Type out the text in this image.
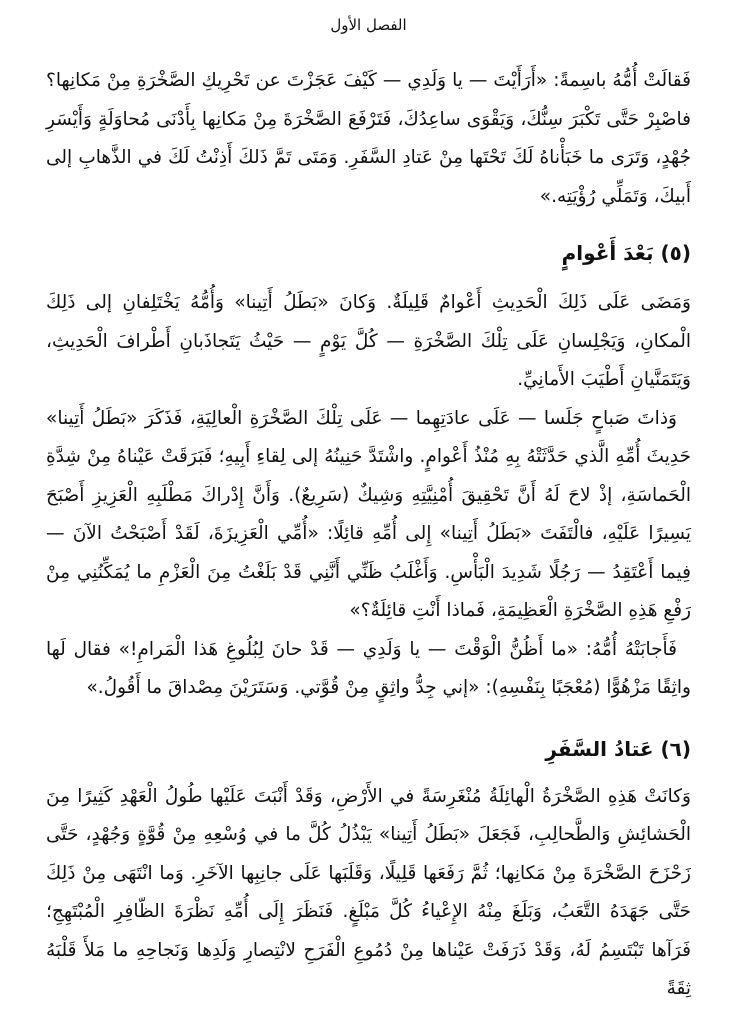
الفصل الأول

فَقالَتْ أُمُّهُ باسِمةً: «أَرَأَيْتَ — يا وَلَدِي — كَيْفَ عَجَزْتَ عن تَحْرِيكِ الصَّخْرَةِ مِنْ مَكانِها؟ فاصْبِرْ حَتَّى تَكْبَرَ سِنُّكَ، وَيَقْوَى ساعِدُكَ، فَتَرْفَعَ الصَّخْرَةَ مِنْ مَكانِها بِأَدْنَى مُحاوَلَةٍ وَأَيْسَرِ جُهْدٍ، وَتَرَى ما خَبَأْناهُ لَكَ تَحْتَها مِنْ عَتادِ السَّفَرِ. وَمَتَى تَمَّ ذَلكَ أَذِنْتُ لَكَ في الذَّهابِ إلى أَبيكَ، وَتَمَلِّي رُؤْيَتِه.»

(٥) بَعْدَ أَعْوامٍ

وَمَضَى عَلَى ذَلِكَ الْحَدِيثِ أَعْوامٌ قَلِيلَةٌ. وَكانَ «بَطَلُ أَتِينا» وَأُمُّهُ يَخْتَلِفانِ إلى ذَلِكَ الْمكانِ، وَيَجْلِسانِ عَلَى تِلْكَ الصَّخْرَةِ — كُلَّ يَوْمٍ — حَيْثُ يَتَجاذَبانِ أَطْرافَ الْحَدِيثِ، وَيَتَمَنَّيانِ أَطْيَبَ الأَمانِيِّ.

وَذاتَ صَباحٍ جَلَسا — عَلَى عادَتِهِما — عَلَى تِلْكَ الصَّخْرَةِ الْعالِيَةِ، فَذَكَرَ «بَطَلُ أَتِينا» حَدِيثَ أُمِّهِ الَّذي حَدَّثَتْهُ بِهِ مُنْذُ أَعْوامٍ. واشْتَدَّ حَنِينُهُ إلى لِقاءِ أَبِيهِ؛ فَبَرَقَتْ عَيْناهُ مِنْ شِدَّةِ الْحَماسَةِ، إذْ لاحَ لَهُ أَنَّ تَحْقِيقَ أُمْنِيَّتِهِ وَشِيكٌ (سَرِيعٌ). وَأَنَّ إِدْراكَ مَطْلَبِهِ الْعَزِيزِ أَصْبَحَ يَسِيرًا عَلَيْهِ، فالْتَفَتَ «بَطَلُ أَتِينا» إِلى أُمِّهِ قائِلًا: «أُمِّي الْعَزِيزَةَ، لَقَدْ أَصْبَحْتُ الآنَ — فِيما أَعْتَقِدُ — رَجُلًا شَدِيدَ الْبَأْسِ. وَأَغْلَبُ ظَنِّي أَنَّنِي قَدْ بَلَغْتُ مِنَ الْعَزْمِ ما يُمَكِّنُنِي مِنْ رَفْعِ هَذِهِ الصَّخْرَةِ الْعَظِيمَةِ، فَماذا أَنْتِ قائِلَةٌ؟»

فَأَجابَتْهُ أُمُّهُ: «ما أَظُنُّ الْوَقْتَ — يا وَلَدِي — قَدْ حانَ لِبُلُوغِ هَذا الْمَرامِ!» فقال لَها واثِقًا مَزْهُوًّا (مُعْجَبًا بِنَفْسِهِ): «إني جِدُّ واثِقٍ مِنْ قُوَّتي. وَسَتَرَيْنَ مِصْداقَ ما أَقُولُ.»

(٦) عَتادُ السَّفَرِ

وَكانَتْ هَذِهِ الصَّخْرَةُ الْهائِلَةُ مُنْغَرِسَةً في الأَرْضِ، وَقَدْ أَنْبَتَ عَلَيْها طُولُ الْعَهْدِ كَثِيرًا مِنَ الْحَشائِشِ وَالطَّحالِبِ، فَجَعَلَ «بَطَلُ أَتِينا» يَبْذُلُ كُلَّ ما في وُسْعِهِ مِنْ قُوَّةٍ وَجُهْدٍ، حَتَّى زَحْزَحَ الصَّخْرَةَ مِنْ مَكانِها؛ ثُمَّ رَفَعَها قَلِيلًا، وَقَلَبَها عَلَى جانِبِها الآخَرِ. وَما انْتَهَى مِنْ ذَلِكَ حَتَّى جَهَدَهُ التَّعَبُ، وَبَلَغَ مِنْهُ الإِعْياءُ كُلَّ مَبْلَغٍ. فَنَظَرَ إِلَى أُمِّهِ نَظْرَةَ الظّافِرِ الْمُبْتَهِجِ؛ فَرَآها تَبْتَسِمُ لَهُ، وَقَدْ ذَرَفَتْ عَيْناها مِنْ دُمُوعِ الْفَرَحِ لانْتِصارِ وَلَدِها وَنَجاحِهِ ما مَلأَ قَلْبَهُ ثِقَةً
